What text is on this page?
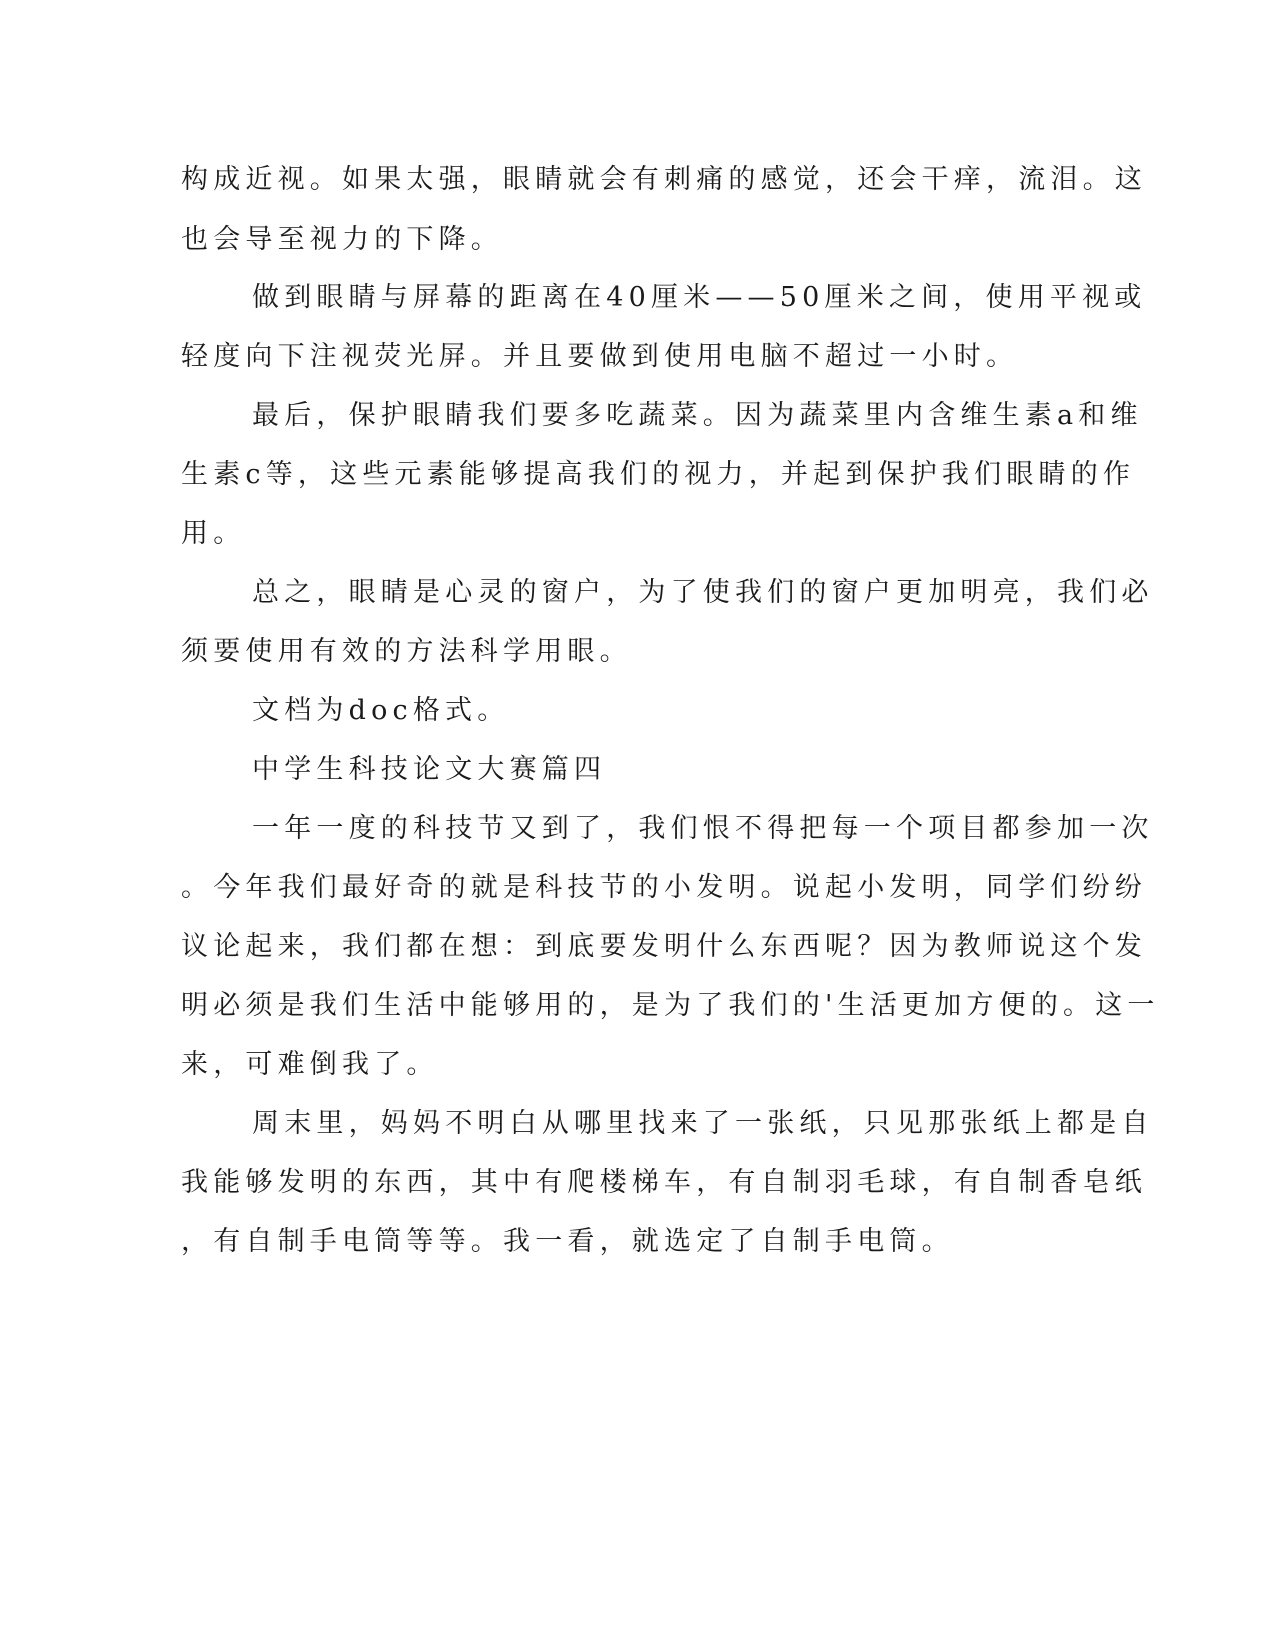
构成近视。如果太强，眼睛就会有刺痛的感觉，还会干痒，流泪。这
也会导至视力的下降。
做到眼睛与屏幕的距离在40厘米——50厘米之间，使用平视或
轻度向下注视荧光屏。并且要做到使用电脑不超过一小时。
最后，保护眼睛我们要多吃蔬菜。因为蔬菜里内含维生素a和维
生素c等，这些元素能够提高我们的视力，并起到保护我们眼睛的作
用。
总之，眼睛是心灵的窗户，为了使我们的窗户更加明亮，我们必
须要使用有效的方法科学用眼。
文档为doc格式。
中学生科技论文大赛篇四
一年一度的科技节又到了，我们恨不得把每一个项目都参加一次
。今年我们最好奇的就是科技节的小发明。说起小发明，同学们纷纷
议论起来，我们都在想：到底要发明什么东西呢？因为教师说这个发
明必须是我们生活中能够用的，是为了我们的'生活更加方便的。这一
来，可难倒我了。
周末里，妈妈不明白从哪里找来了一张纸，只见那张纸上都是自
我能够发明的东西，其中有爬楼梯车，有自制羽毛球，有自制香皂纸
，有自制手电筒等等。我一看，就选定了自制手电筒。
